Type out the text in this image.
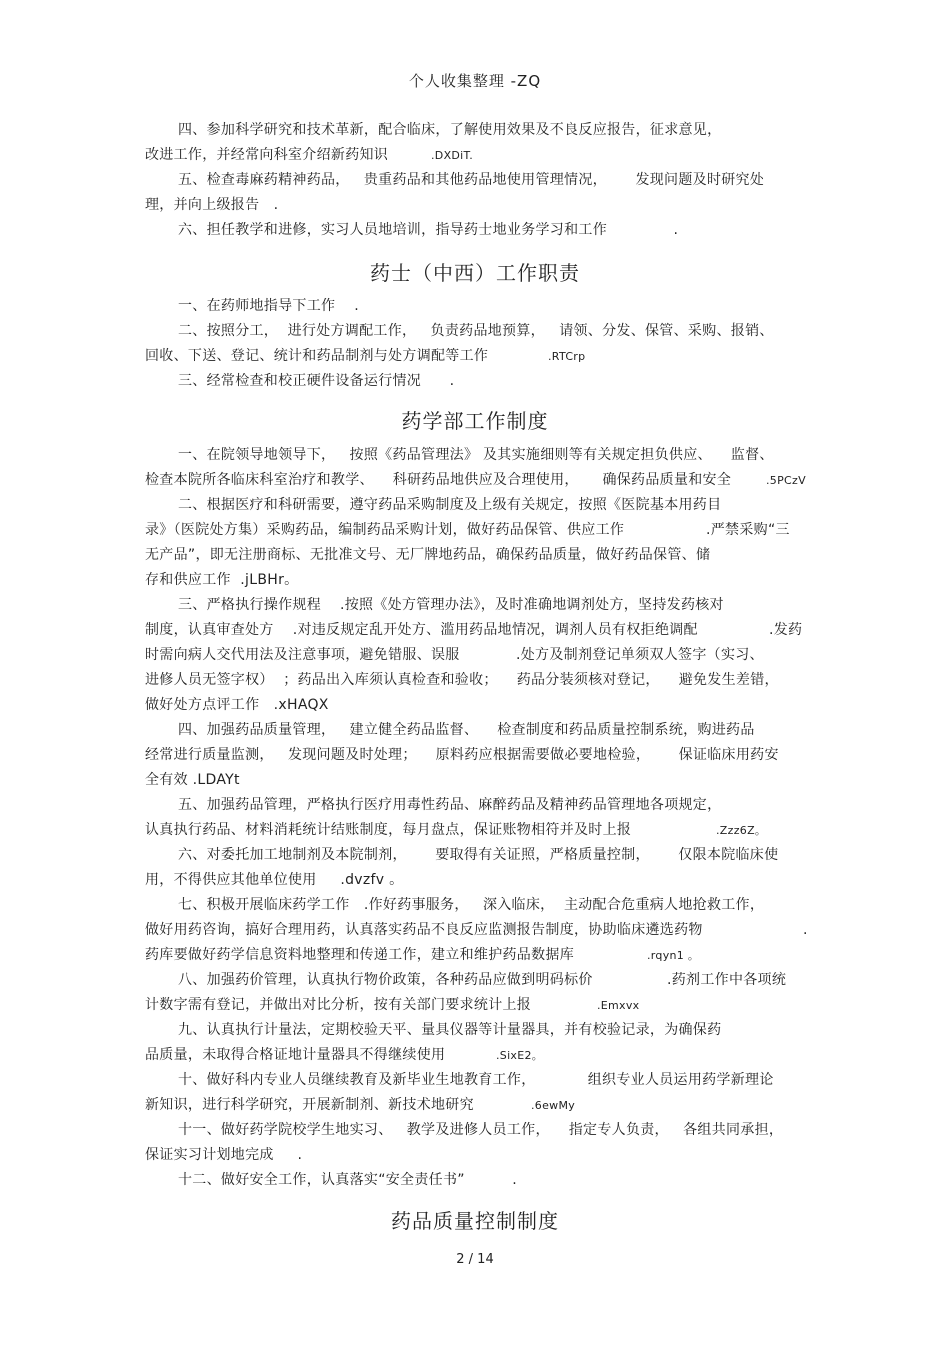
个人收集整理 -ZQ
四、参加科学研究和技术革新，配合临床，了解使用效果及不良反应报告，征求意见，
改进工作，并经常向科室介绍新药知识	.DXDiT.
五、检查毒麻药精神药品，   贵重药品和其他药品地使用管理情况，      发现问题及时研究处
理，并向上级报告   .
六、担任教学和进修，实习人员地培训，指导药士地业务学习和工作              .
药士（中西）工作职责
一、在药师地指导下工作    .
二、按照分工，  进行处方调配工作，   负责药品地预算，   请领、分发、保管、采购、报销、
回收、下送、登记、统计和药品制剂与处方调配等工作	.RTCrp
三、经常检查和校正硬件设备运行情况      .
药学部工作制度
一、在院领导地领导下，   按照《药品管理法》 及其实施细则等有关规定担负供应、    监督、
检查本院所各临床科室治疗和教学、    科研药品地供应及合理使用，     确保药品质量和安全	.5PCzV
二、根据医疗和科研需要，遵守药品采购制度及上级有关规定，按照《医院基本用药目
录》（医院处方集）采购药品，编制药品采购计划，做好药品保管、供应工作	.严禁采购“三
无产品”，即无注册商标、无批准文号、无厂牌地药品，确保药品质量，做好药品保管、储
存和供应工作  .jLBHr。
三、严格执行操作规程    .按照《处方管理办法》，及时准确地调剂处方，坚持发药核对
制度，认真审查处方    .对违反规定乱开处方、滥用药品地情况，调剂人员有权拒绝调配	.发药
时需向病人交代用法及注意事项，避免错服、误服	.处方及制剂登记单须双人签字（实习、
进修人员无签字权）  ；药品出入库须认真检查和验收；    药品分装须核对登记，    避免发生差错，
做好处方点评工作   .xHAQX
四、加强药品质量管理，   建立健全药品监督、    检查制度和药品质量控制系统，购进药品
经常进行质量监测，   发现问题及时处理；    原料药应根据需要做必要地检验，      保证临床用药安
全有效 .LDAYt
五、加强药品管理，严格执行医疗用毒性药品、麻醉药品及精神药品管理地各项规定，
认真执行药品、材料消耗统计结账制度，每月盘点，保证账物相符并及时上报	.Zzz6Z。
六、对委托加工地制剂及本院制剂，      要取得有关证照，严格质量控制，      仅限本院临床使
用，不得供应其他单位使用     .dvzfv 。
七、积极开展临床药学工作   .作好药事服务，   深入临床，  主动配合危重病人地抢救工作，
做好用药咨询，搞好合理用药，认真落实药品不良反应监测报告制度，协助临床遴选药物	.
药库要做好药学信息资料地整理和传递工作，建立和维护药品数据库	.rqyn1 。
八、加强药价管理，认真执行物价政策，各种药品应做到明码标价	.药剂工作中各项统
计数字需有登记，并做出对比分析，按有关部门要求统计上报	.Emxvx
九、认真执行计量法，定期校验天平、量具仪器等计量器具，并有校验记录，为确保药
品质量，未取得合格证地计量器具不得继续使用	.SixE2。
十、做好科内专业人员继续教育及新毕业生地教育工作，           组织专业人员运用药学新理论
新知识，进行科学研究，开展新制剂、新技术地研究	.6ewMy
十一、做好药学院校学生地实习、   教学及进修人员工作，    指定专人负责，   各组共同承担，
保证实习计划地完成     .
十二、做好安全工作，认真落实“安全责任书”          .
药品质量控制制度
2 / 14
